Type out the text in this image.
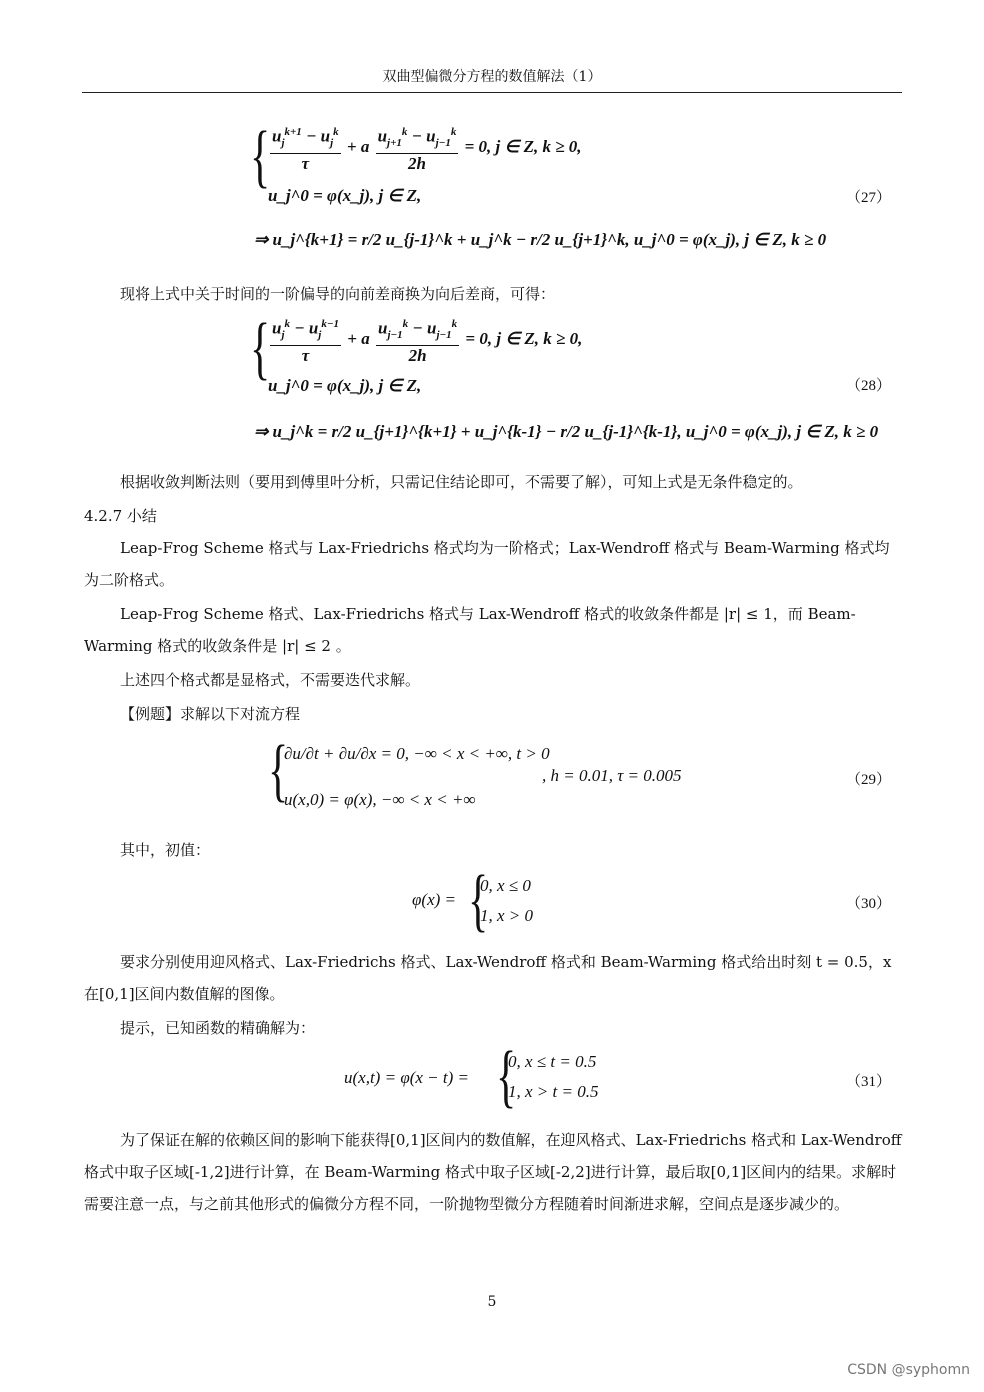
双曲型偏微分方程的数值解法（1）
{ $\frac{u_j^{k+1} - u_j^k}{\tau} + a \frac{u_{j+1}^k - u_{j-1}^k}{2h} = 0$, j ∈ Z, k ≥ 0,
u_j^0 = φ(x_j), j ∈ Z,
⇒ u_j^{k+1} = r/2 u_{j-1}^k + u_j^k − r/2 u_{j+1}^k, u_j^0 = φ(x_j), j ∈ Z, k ≥ 0
（27）
现将上式中关于时间的一阶偏导的向前差商换为向后差商，可得：
{ $\frac{u_j^k - u_j^{k-1}}{\tau} + a \frac{u_{j-1}^k - u_{j-1}^k}{2h} = 0$, j ∈ Z, k ≥ 0,
u_j^0 = φ(x_j), j ∈ Z,
⇒ u_j^k = r/2 u_{j+1}^{k+1} + u_j^{k-1} − r/2 u_{j-1}^{k-1}, u_j^0 = φ(x_j), j ∈ Z, k ≥ 0
（28）
根据收敛判断法则（要用到傅里叶分析，只需记住结论即可，不需要了解），可知上式是无条件稳定的。
4.2.7 小结
Leap-Frog Scheme 格式与 Lax-Friedrichs 格式均为一阶格式；Lax-Wendroff 格式与 Beam-Warming 格式均为二阶格式。
Leap-Frog Scheme 格式、Lax-Friedrichs 格式与 Lax-Wendroff 格式的收敛条件都是 |r| ≤ 1，而 Beam-Warming 格式的收敛条件是 |r| ≤ 2 。
上述四个格式都是显格式，不需要迭代求解。
【例题】求解以下对流方程
{
∂u/∂t + ∂u/∂x = 0, −∞ < x < +∞, t > 0
u(x,0) = φ(x), −∞ < x < +∞
, h = 0.01, τ = 0.005	（29）
其中，初值：
φ(x) = {
0, x ≤ 0
1, x > 0
（30）
要求分别使用迎风格式、Lax-Friedrichs 格式、Lax-Wendroff 格式和 Beam-Warming 格式给出时刻 t = 0.5，x 在[0,1]区间内数值解的图像。
提示，已知函数的精确解为：
u(x,t) = φ(x − t) = {
0, x ≤ t = 0.5
1, x > t = 0.5	（31）
为了保证在解的依赖区间的影响下能获得[0,1]区间内的数值解，在迎风格式、Lax-Friedrichs 格式和 Lax-Wendroff 格式中取子区域[-1,2]进行计算，在 Beam-Warming 格式中取子区域[-2,2]进行计算，最后取[0,1]区间内的结果。求解时需要注意一点，与之前其他形式的偏微分方程不同，一阶抛物型微分方程随着时间渐进求解，空间点是逐步减少的。
5
CSDN @syphomn
